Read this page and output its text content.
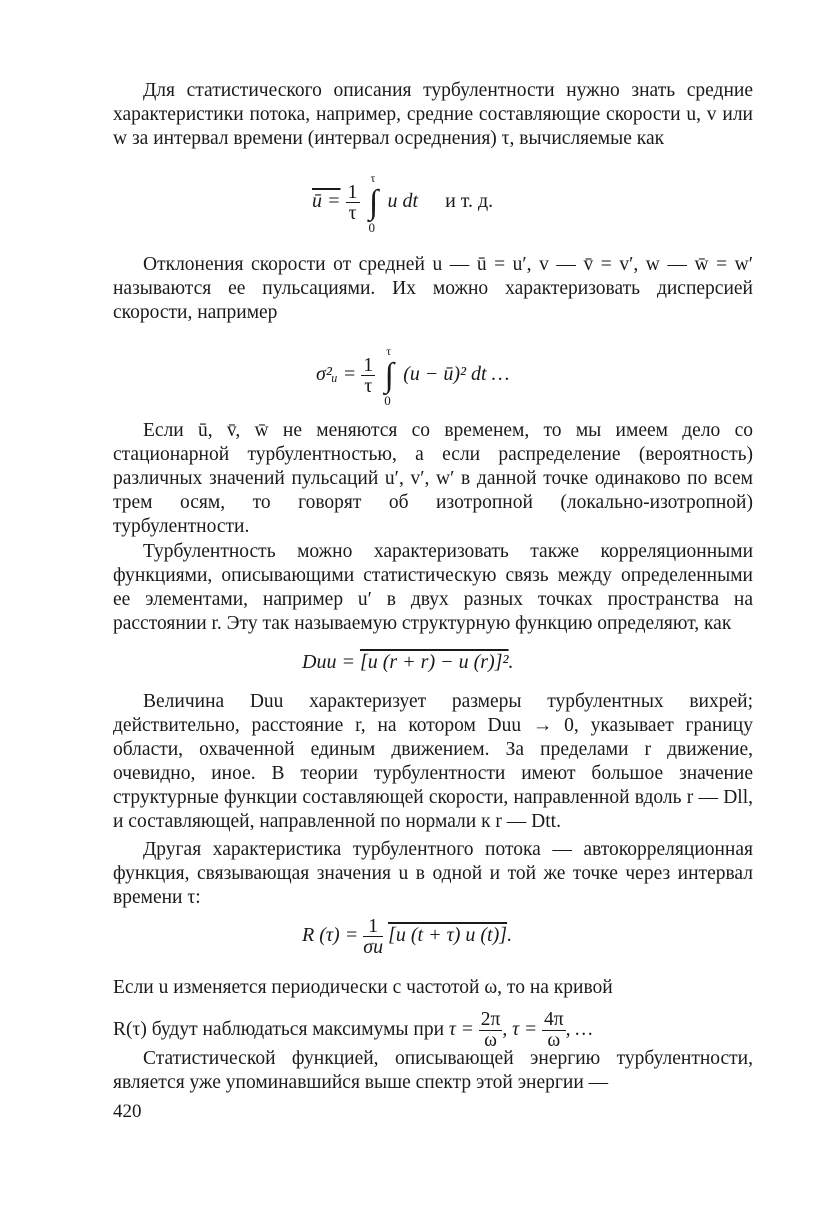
Для статистического описания турбулентности нужно знать средние характеристики потока, например, средние составляющие скорости u, v или w за интервал времени (интервал осреднения) τ, вычисляемые как

ū = $\frac{1}{\tau}$ ∫
τ
0
u dt и т. д.

Отклонения скорости от средней u — ū = u′, v — v̄ = v′, w — w̄ = w′ называются ее пульсациями. Их можно характеризовать дисперсией скорости, например

σ²ᵤ = $\frac{1}{\tau}$ ∫
τ
0
(u − ū)² dt …

Если ū, v̄, w̄ не меняются со временем, то мы имеем дело со стационарной турбулентностью, а если распределение (вероятность) различных значений пульсаций u′, v′, w′ в данной точке одинаково по всем трем осям, то говорят об изотропной (локально-изотропной) турбулентности.

Турбулентность можно характеризовать также корреляционными функциями, описывающими статистическую связь между определенными ее элементами, например u′ в двух разных точках пространства на расстоянии r. Эту так называемую структурную функцию определяют, как

Duu = [u (r + r) − u (r)]².

Величина Duu характеризует размеры турбулентных вихрей; действительно, расстояние r, на котором Duu → 0, указывает границу области, охваченной единым движением. За пределами r движение, очевидно, иное. В теории турбулентности имеют большое значение структурные функции составляющей скорости, направленной вдоль r — Dll, и составляющей, направленной по нормали к r — Dtt.

Другая характеристика турбулентного потока — автокорреляционная функция, связывающая значения u в одной и той же точке через интервал времени τ:

R $(\tau) = \frac{1}{\sigma u} [u$ (t + τ) u (t)].

Если u изменяется периодически с частотой ω, то на кривой

R(τ) будут наблюдаться максимумы при $\tau = \frac{2\pi}{\omega}$ , $\tau = \frac{4\pi}{\omega}$ , …

Статистической функцией, описывающей энергию турбулентности, является уже упоминавшийся выше спектр этой энергии —

420
